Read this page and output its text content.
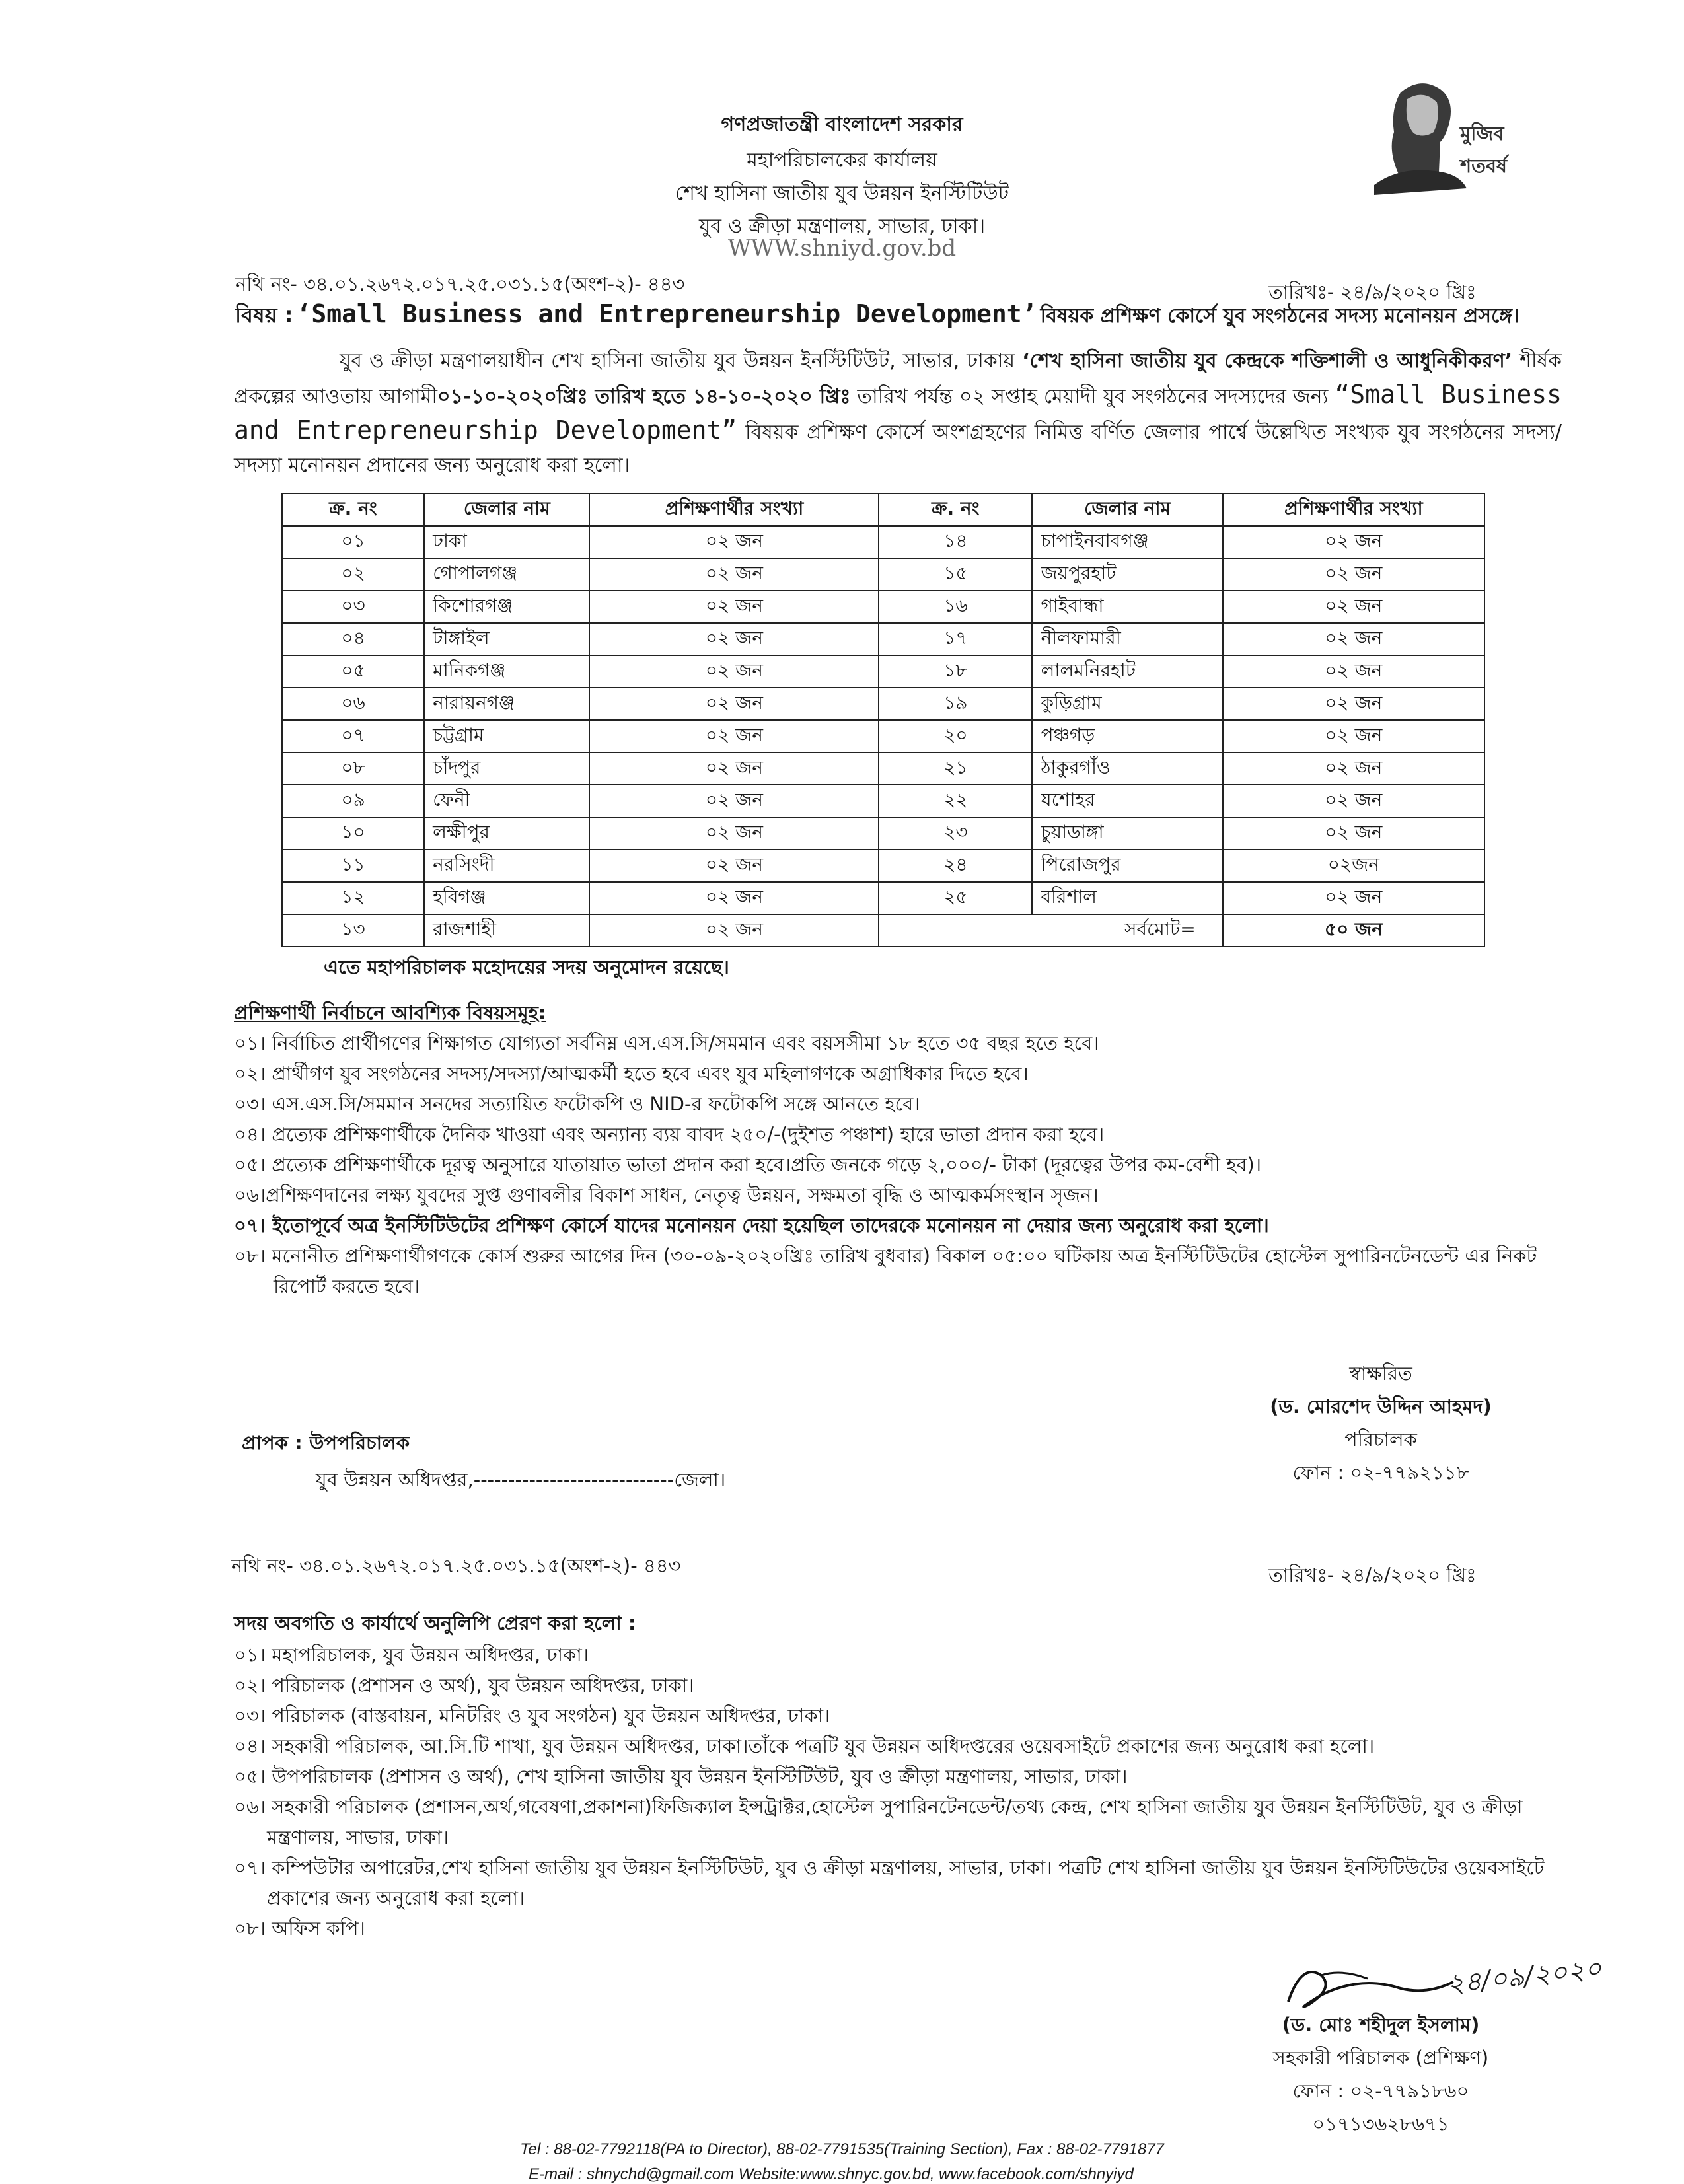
মুজিব শতবর্ষ
গণপ্রজাতন্ত্রী বাংলাদেশ সরকার
মহাপরিচালকের কার্যালয়
শেখ হাসিনা জাতীয় যুব উন্নয়ন ইনস্টিটিউট
যুব ও ক্রীড়া মন্ত্রণালয়, সাভার, ঢাকা।
WWW.shniyd.gov.bd
নথি নং- ৩৪.০১.২৬৭২.০১৭.২৫.০৩১.১৫(অংশ-২)- ৪৪৩	তারিখঃ- ২৪/৯/২০২০ খ্রিঃ
বিষয় : ‘Small Business and Entrepreneurship Development’ বিষয়ক প্রশিক্ষণ কোর্সে যুব সংগঠনের সদস্য মনোনয়ন প্রসঙ্গে।
যুব ও ক্রীড়া মন্ত্রণালয়াধীন শেখ হাসিনা জাতীয় যুব উন্নয়ন ইনস্টিটিউট, সাভার, ঢাকায় ‘শেখ হাসিনা জাতীয় যুব কেন্দ্রকে শক্তিশালী ও আধুনিকীকরণ’ শীর্ষক প্রকল্পের আওতায় আগামী০১-১০-২০২০খ্রিঃ তারিখ হতে ১৪-১০-২০২০ খ্রিঃ তারিখ পর্যন্ত ০২ সপ্তাহ মেয়াদী যুব সংগঠনের সদস্যদের জন্য “Small Business and Entrepreneurship Development” বিষয়ক প্রশিক্ষণ কোর্সে অংশগ্রহণের নিমিত্ত বর্ণিত জেলার পার্শ্বে উল্লেখিত সংখ্যক যুব সংগঠনের সদস্য/সদস্যা মনোনয়ন প্রদানের জন্য অনুরোধ করা হলো।
ক্র. নং	জেলার নাম	প্রশিক্ষণার্থীর সংখ্যা	ক্র. নং	জেলার নাম	প্রশিক্ষণার্থীর সংখ্যা
০১	ঢাকা	০২ জন	১৪	চাপাইনবাবগঞ্জ	০২ জন
০২	গোপালগঞ্জ	০২ জন	১৫	জয়পুরহাট	০২ জন
০৩	কিশোরগঞ্জ	০২ জন	১৬	গাইবান্ধা	০২ জন
০৪	টাঙ্গাইল	০২ জন	১৭	নীলফামারী	০২ জন
০৫	মানিকগঞ্জ	০২ জন	১৮	লালমনিরহাট	০২ জন
০৬	নারায়নগঞ্জ	০২ জন	১৯	কুড়িগ্রাম	০২ জন
০৭	চট্টগ্রাম	০২ জন	২০	পঞ্চগড়	০২ জন
০৮	চাঁদপুর	০২ জন	২১	ঠাকুরগাঁও	০২ জন
০৯	ফেনী	০২ জন	২২	যশোহর	০২ জন
১০	লক্ষীপুর	০২ জন	২৩	চুয়াডাঙ্গা	০২ জন
১১	নরসিংদী	০২ জন	২৪	পিরোজপুর	০২জন
১২	হবিগঞ্জ	০২ জন	২৫	বরিশাল	০২ জন
১৩	রাজশাহী	০২ জন	সর্বমোট=		৫০ জন
এতে মহাপরিচালক মহোদয়ের সদয় অনুমোদন রয়েছে।
প্রশিক্ষণার্থী নির্বাচনে আবশ্যিক বিষয়সমূহ:
০১। নির্বাচিত প্রার্থীগণের শিক্ষাগত যোগ্যতা সর্বনিম্ন এস.এস.সি/সমমান এবং বয়সসীমা ১৮ হতে ৩৫ বছর হতে হবে।
০২। প্রার্থীগণ যুব সংগঠনের সদস্য/সদস্যা/আত্মকর্মী হতে হবে এবং যুব মহিলাগণকে অগ্রাধিকার দিতে হবে।
০৩। এস.এস.সি/সমমান সনদের সত্যায়িত ফটোকপি ও NID-র ফটোকপি সঙ্গে আনতে হবে।
০৪। প্রত্যেক প্রশিক্ষণার্থীকে দৈনিক খাওয়া এবং অন্যান্য ব্যয় বাবদ ২৫০/-(দুইশত পঞ্চাশ) হারে ভাতা প্রদান করা হবে।
০৫। প্রত্যেক প্রশিক্ষণার্থীকে দূরত্ব অনুসারে যাতায়াত ভাতা প্রদান করা হবে।প্রতি জনকে গড়ে ২,০০০/- টাকা (দূরত্বের উপর কম-বেশী হব)।
০৬।প্রশিক্ষণদানের লক্ষ্য যুবদের সুপ্ত গুণাবলীর বিকাশ সাধন, নেতৃত্ব উন্নয়ন, সক্ষমতা বৃদ্ধি ও আত্মকর্মসংস্থান সৃজন।
০৭। ইতোপূর্বে অত্র ইনস্টিটিউটের প্রশিক্ষণ কোর্সে যাদের মনোনয়ন দেয়া হয়েছিল তাদেরকে মনোনয়ন না দেয়ার জন্য অনুরোধ করা হলো।
০৮। মনোনীত প্রশিক্ষণার্থীগণকে কোর্স শুরুর আগের দিন (৩০-০৯-২০২০খ্রিঃ তারিখ বুধবার) বিকাল ০৫:০০ ঘটিকায় অত্র ইনস্টিটিউটের হোস্টেল সুপারিনটেনডেন্ট এর নিকট রিপোর্ট করতে হবে।
স্বাক্ষরিত
(ড. মোরশেদ উদ্দিন আহমদ)
পরিচালক
ফোন : ০২-৭৭৯২১১৮
প্রাপক : উপপরিচালক
যুব উন্নয়ন অধিদপ্তর,-----------------------------জেলা।
নথি নং- ৩৪.০১.২৬৭২.০১৭.২৫.০৩১.১৫(অংশ-২)- ৪৪৩	তারিখঃ- ২৪/৯/২০২০ খ্রিঃ
সদয় অবগতি ও কার্যার্থে অনুলিপি প্রেরণ করা হলো :
০১। মহাপরিচালক, যুব উন্নয়ন অধিদপ্তর, ঢাকা।
০২। পরিচালক (প্রশাসন ও অর্থ), যুব উন্নয়ন অধিদপ্তর, ঢাকা।
০৩। পরিচালক (বাস্তবায়ন, মনিটরিং ও যুব সংগঠন) যুব উন্নয়ন অধিদপ্তর, ঢাকা।
০৪। সহকারী পরিচালক, আ.সি.টি শাখা, যুব উন্নয়ন অধিদপ্তর, ঢাকা।তাঁকে পত্রটি যুব উন্নয়ন অধিদপ্তরের ওয়েবসাইটে প্রকাশের জন্য অনুরোধ করা হলো।
০৫। উপপরিচালক (প্রশাসন ও অর্থ), শেখ হাসিনা জাতীয় যুব উন্নয়ন ইনস্টিটিউট, যুব ও ক্রীড়া মন্ত্রণালয়, সাভার, ঢাকা।
০৬। সহকারী পরিচালক (প্রশাসন,অর্থ,গবেষণা,প্রকাশনা)ফিজিক্যাল ইন্সট্রাক্টর,হোস্টেল সুপারিনটেনডেন্ট/তথ্য কেন্দ্র, শেখ হাসিনা জাতীয় যুব উন্নয়ন ইনস্টিটিউট, যুব ও ক্রীড়া মন্ত্রণালয়, সাভার, ঢাকা।
০৭। কম্পিউটার অপারেটর,শেখ হাসিনা জাতীয় যুব উন্নয়ন ইনস্টিটিউট, যুব ও ক্রীড়া মন্ত্রণালয়, সাভার, ঢাকা। পত্রটি শেখ হাসিনা জাতীয় যুব উন্নয়ন ইনস্টিটিউটের ওয়েবসাইটে প্রকাশের জন্য অনুরোধ করা হলো।
০৮। অফিস কপি।
২৪/০৯/২০২০
(ড. মোঃ শহীদুল ইসলাম)
সহকারী পরিচালক (প্রশিক্ষণ)
ফোন : ০২-৭৭৯১৮৬০
০১৭১৩৬২৮৬৭১
Tel : 88-02-7792118(PA to Director), 88-02-7791535(Training Section), Fax : 88-02-7791877
E-mail : shnychd@gmail.com Website:www.shnyc.gov.bd, www.facebook.com/shnyiyd
